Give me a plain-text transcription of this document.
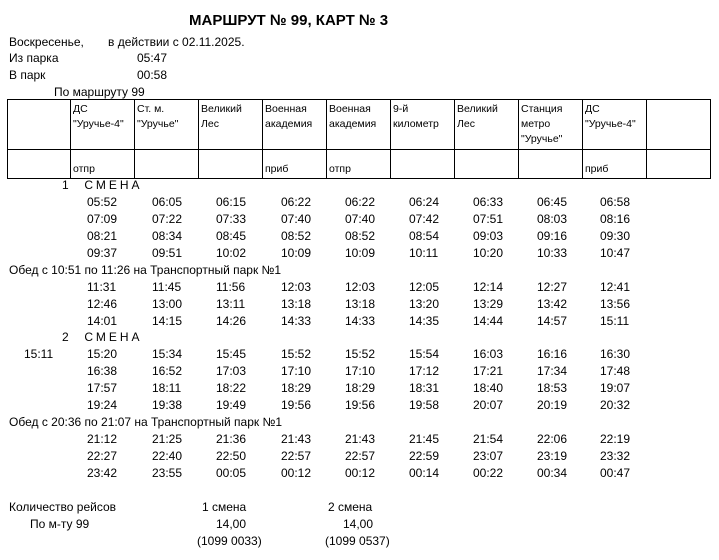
МАРШРУТ № 99, КАРТ № 3
Воскресенье, в действии с 02.11.2025.
Из парка	05:47
В парк	00:58
По маршруту 99
	ДС "Уручье-4"	Ст. м. "Уручье"	Великий Лес	Военная академия	Военная академия	9-й километр	Великий Лес	Станция метро "Уручье"	ДС "Уручье-4"	
	отпр			приб	отпр				приб	
1  СМЕНА
05:52	06:05	06:15	06:22	06:22	06:24	06:33	06:45	06:58
07:09	07:22	07:33	07:40	07:40	07:42	07:51	08:03	08:16
08:21	08:34	08:45	08:52	08:52	08:54	09:03	09:16	09:30
09:37	09:51	10:02	10:09	10:09	10:11	10:20	10:33	10:47
Обед с 10:51 по 11:26 на Транспортный парк №1
11:31	11:45	11:56	12:03	12:03	12:05	12:14	12:27	12:41
12:46	13:00	13:11	13:18	13:18	13:20	13:29	13:42	13:56
14:01	14:15	14:26	14:33	14:33	14:35	14:44	14:57	15:11
2  СМЕНА
15:11	15:20	15:34	15:45	15:52	15:52	15:54	16:03	16:16	16:30
16:38	16:52	17:03	17:10	17:10	17:12	17:21	17:34	17:48
17:57	18:11	18:22	18:29	18:29	18:31	18:40	18:53	19:07
19:24	19:38	19:49	19:56	19:56	19:58	20:07	20:19	20:32
Обед с 20:36 по 21:07 на Транспортный парк №1
21:12	21:25	21:36	21:43	21:43	21:45	21:54	22:06	22:19
22:27	22:40	22:50	22:57	22:57	22:59	23:07	23:19	23:32
23:42	23:55	00:05	00:12	00:12	00:14	00:22	00:34	00:47
Количество рейсов	1 смена	2 смена
По м-ту 99	14,00	14,00
(1099 0033)	(1099 0537)
